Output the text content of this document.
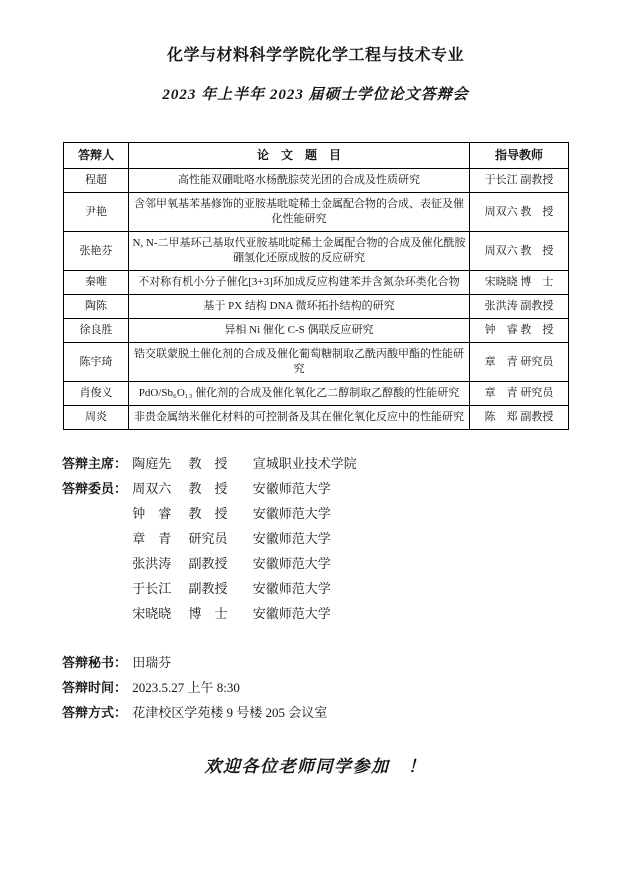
化学与材料科学学院化学工程与技术专业
2023 年上半年 2023 届硕士学位论文答辩会
答辩人	论　文　题　目	指导教师
程超	高性能双硼吡咯水杨酰腙荧光团的合成及性质研究	于长江 副教授
尹艳	含邻甲氧基苯基修饰的亚胺基吡啶稀土金属配合物的合成、表征及催化性能研究	周双六 教　授
张艳芬	N, N-二甲基环己基取代亚胺基吡啶稀土金属配合物的合成及催化酰胺硼氢化还原成胺的反应研究	周双六 教　授
秦唯	不对称有机小分子催化[3+3]环加成反应构建苯并含氮杂环类化合物	宋晓晓 博　士
陶陈	基于 PX 结构 DNA 微环拓扑结构的研究	张洪涛 副教授
徐良胜	异相 Ni 催化 C-S 偶联反应研究	钟　睿 教　授
陈宇琦	锆交联蒙脱土催化剂的合成及催化葡萄糖制取乙酰丙酸甲酯的性能研究	章　青 研究员
肖俊义	PdO/Sb₆O₁₃ 催化剂的合成及催化氧化乙二醇制取乙醇酸的性能研究	章　青 研究员
周炎	非贵金属纳米催化材料的可控制备及其在催化氧化反应中的性能研究	陈　郑 副教授
答辩主席： 陶庭先 教　授 宣城职业技术学院
答辩委员： 周双六 教　授 安徽师范大学
钟　睿 教　授 安徽师范大学
章　青 研究员 安徽师范大学
张洪涛 副教授 安徽师范大学
于长江 副教授 安徽师范大学
宋晓晓 博　士 安徽师范大学
答辩秘书： 田瑞芬
答辩时间： 2023.5.27 上午 8:30
答辩方式： 花津校区学苑楼 9 号楼 205 会议室
欢迎各位老师同学参加　！
